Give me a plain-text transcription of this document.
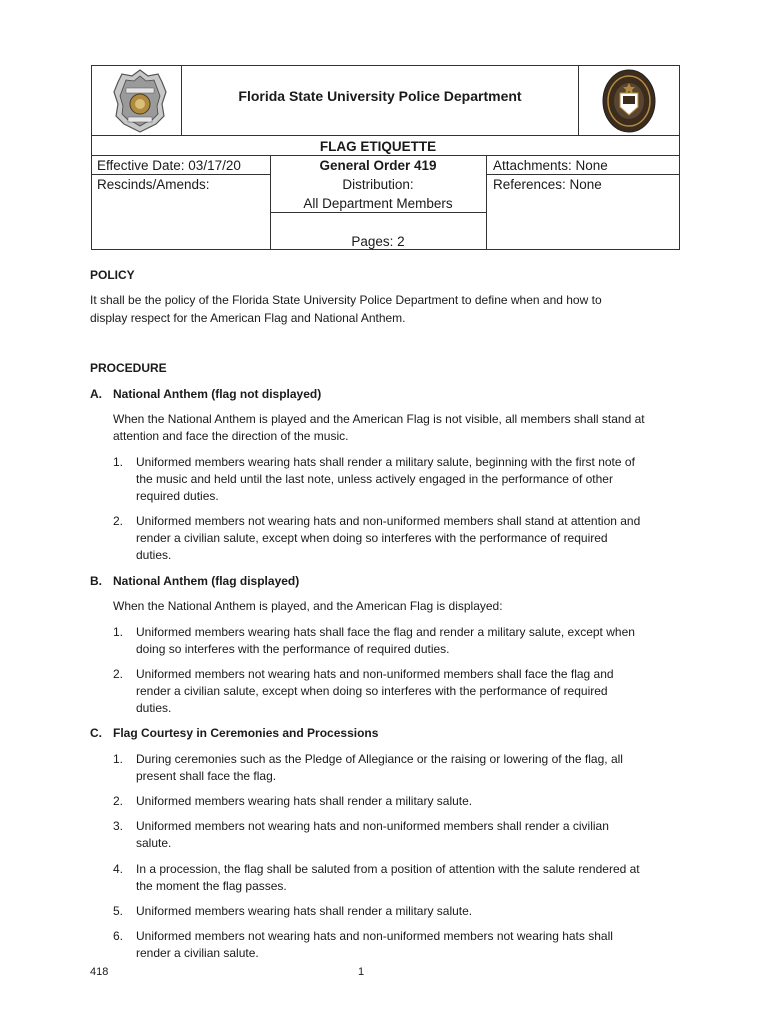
Florida State University Police Department
FLAG ETIQUETTE
Effective Date: 03/17/20
Rescinds/Amends:
General Order 419
Distribution:
All Department Members
Pages: 2
Attachments: None
References: None
POLICY
It shall be the policy of the Florida State University Police Department to define when and how to
display respect for the American Flag and National Anthem.
PROCEDURE
A. National Anthem (flag not displayed)
When the National Anthem is played and the American Flag is not visible, all members shall stand at
attention and face the direction of the music.
1. Uniformed members wearing hats shall render a military salute, beginning with the first note of
the music and held until the last note, unless actively engaged in the performance of other
required duties.
2. Uniformed members not wearing hats and non-uniformed members shall stand at attention and
render a civilian salute, except when doing so interferes with the performance of required
duties.
B. National Anthem (flag displayed)
When the National Anthem is played, and the American Flag is displayed:
1. Uniformed members wearing hats shall face the flag and render a military salute, except when
doing so interferes with the performance of required duties.
2. Uniformed members not wearing hats and non-uniformed members shall face the flag and
render a civilian salute, except when doing so interferes with the performance of required
duties.
C. Flag Courtesy in Ceremonies and Processions
1. During ceremonies such as the Pledge of Allegiance or the raising or lowering of the flag, all
present shall face the flag.
2. Uniformed members wearing hats shall render a military salute.
3. Uniformed members not wearing hats and non-uniformed members shall render a civilian
salute.
4. In a procession, the flag shall be saluted from a position of attention with the salute rendered at
the moment the flag passes.
5. Uniformed members wearing hats shall render a military salute.
6. Uniformed members not wearing hats and non-uniformed members not wearing hats shall
render a civilian salute.
418	1
